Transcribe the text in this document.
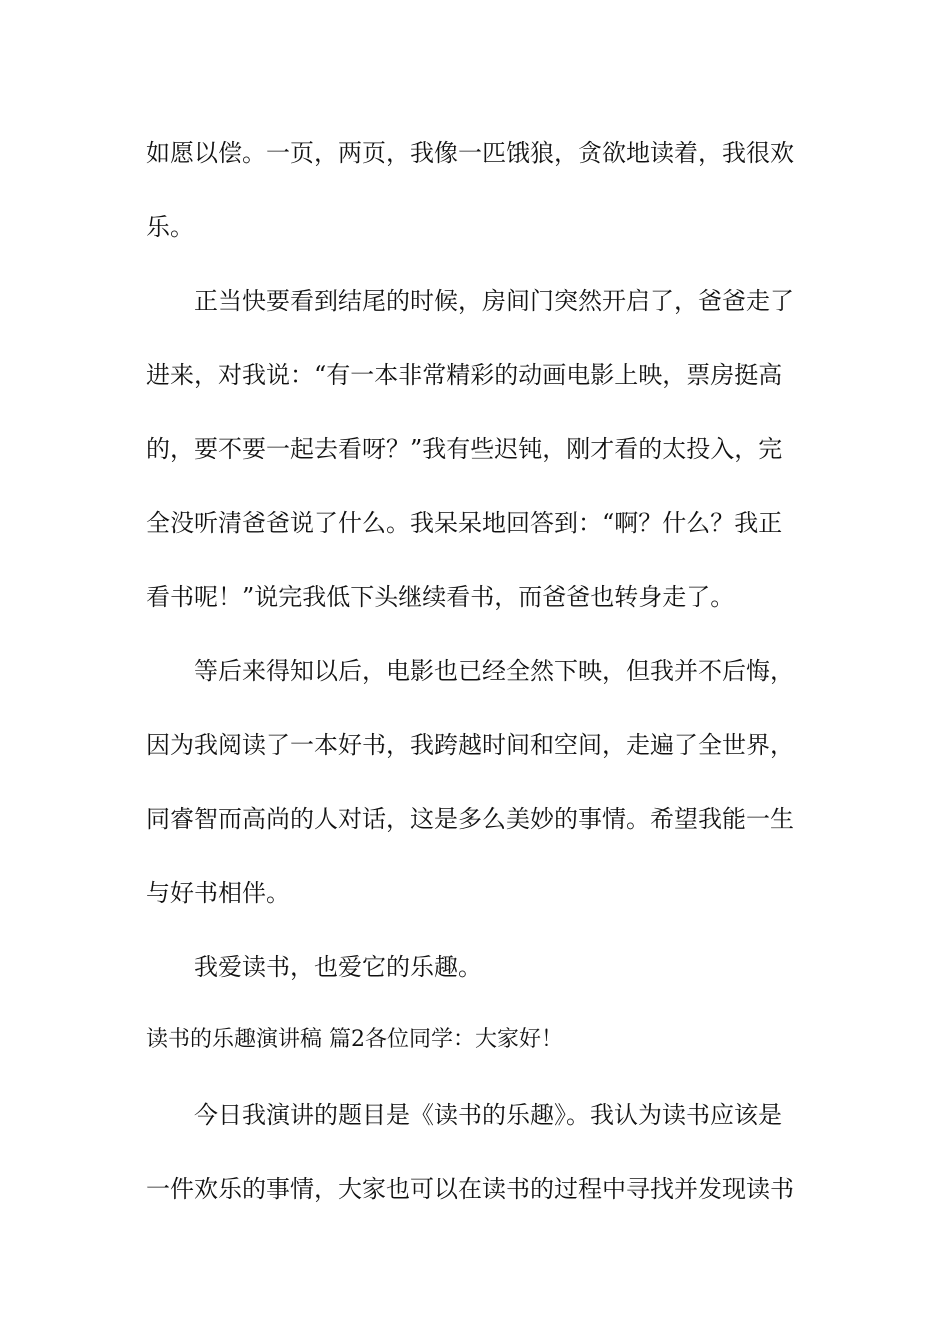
如愿以偿。一页，两页，我像一匹饿狼，贪欲地读着，我很欢
乐。
正当快要看到结尾的时候，房间门突然开启了，爸爸走了
进来，对我说：“有一本非常精彩的动画电影上映，票房挺高
的，要不要一起去看呀？”我有些迟钝，刚才看的太投入，完
全没听清爸爸说了什么。我呆呆地回答到：“啊？什么？我正
看书呢！”说完我低下头继续看书，而爸爸也转身走了。
等后来得知以后，电影也已经全然下映，但我并不后悔，
因为我阅读了一本好书，我跨越时间和空间，走遍了全世界，
同睿智而高尚的人对话，这是多么美妙的事情。希望我能一生
与好书相伴。
我爱读书，也爱它的乐趣。
读书的乐趣演讲稿 篇2各位同学：大家好！
今日我演讲的题目是《读书的乐趣》。我认为读书应该是
一件欢乐的事情，大家也可以在读书的过程中寻找并发现读书
